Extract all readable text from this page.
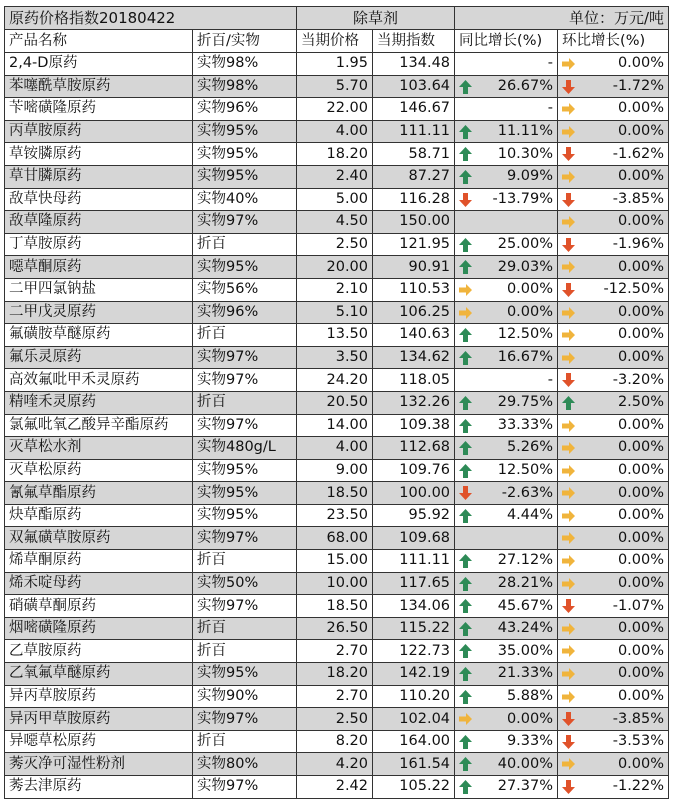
原药价格指数20180422		除草剂		单位：万元/吨	
产品名称	折百/实物	当期价格	当期指数	同比增长(%)	环比增长(%)
2,4-D原药	实物98%	1.95	134.48	-	0.00%
苯噻酰草胺原药	实物98%	5.70	103.64	26.67%	-1.72%
苄嘧磺隆原药	实物96%	22.00	146.67	-	0.00%
丙草胺原药	实物95%	4.00	111.11	11.11%	0.00%
草铵膦原药	实物95%	18.20	58.71	10.30%	-1.62%
草甘膦原药	实物95%	2.40	87.27	9.09%	0.00%
敌草快母药	实物40%	5.00	116.28	-13.79%	-3.85%
敌草隆原药	实物97%	4.50	150.00		0.00%
丁草胺原药	折百	2.50	121.95	25.00%	-1.96%
噁草酮原药	实物95%	20.00	90.91	29.03%	0.00%
二甲四氯钠盐	实物56%	2.10	110.53	0.00%	-12.50%
二甲戊灵原药	实物96%	5.10	106.25	0.00%	0.00%
氟磺胺草醚原药	折百	13.50	140.63	12.50%	0.00%
氟乐灵原药	实物97%	3.50	134.62	16.67%	0.00%
高效氟吡甲禾灵原药	实物97%	24.20	118.05	-	-3.20%
精喹禾灵原药	折百	20.50	132.26	29.75%	2.50%
氯氟吡氧乙酸异辛酯原药	实物97%	14.00	109.38	33.33%	0.00%
灭草松水剂	实物480g/L	4.00	112.68	5.26%	0.00%
灭草松原药	实物95%	9.00	109.76	12.50%	0.00%
氰氟草酯原药	实物95%	18.50	100.00	-2.63%	0.00%
炔草酯原药	实物95%	23.50	95.92	4.44%	0.00%
双氟磺草胺原药	实物97%	68.00	109.68		0.00%
烯草酮原药	折百	15.00	111.11	27.12%	0.00%
烯禾啶母药	实物50%	10.00	117.65	28.21%	0.00%
硝磺草酮原药	实物97%	18.50	134.06	45.67%	-1.07%
烟嘧磺隆原药	折百	26.50	115.22	43.24%	0.00%
乙草胺原药	折百	2.70	122.73	35.00%	0.00%
乙氧氟草醚原药	实物95%	18.20	142.19	21.33%	0.00%
异丙草胺原药	实物90%	2.70	110.20	5.88%	0.00%
异丙甲草胺原药	实物97%	2.50	102.04	0.00%	-3.85%
异噁草松原药	折百	8.20	164.00	9.33%	-3.53%
莠灭净可湿性粉剂	实物80%	4.20	161.54	40.00%	0.00%
莠去津原药	实物97%	2.42	105.22	27.37%	-1.22%
